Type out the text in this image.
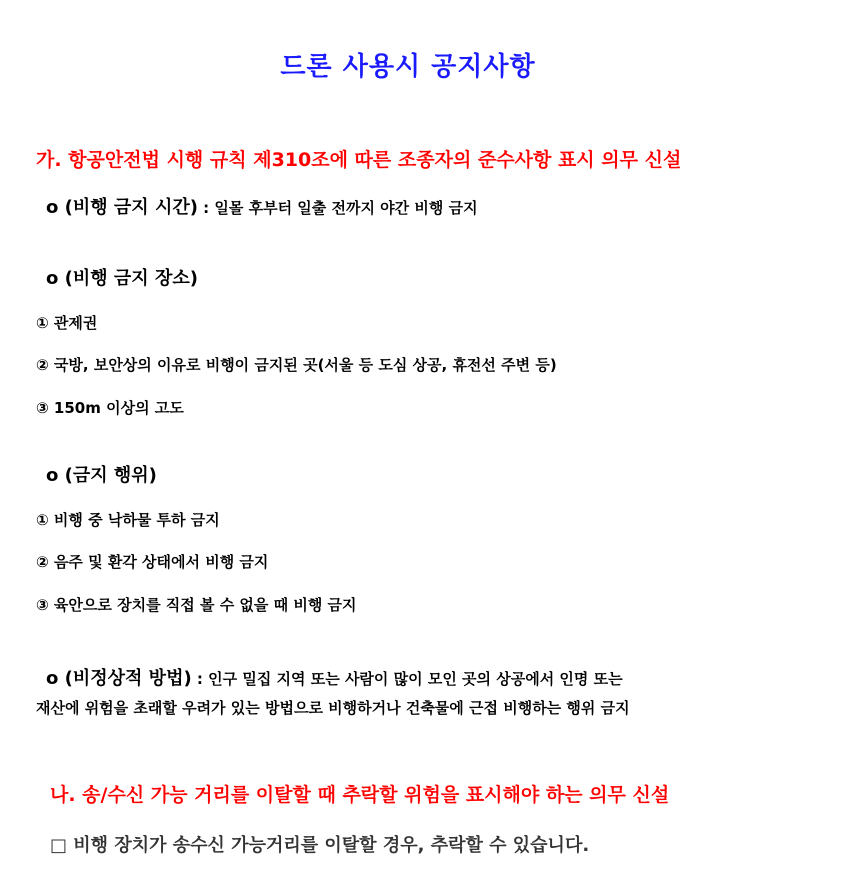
드론 사용시 공지사항
가. 항공안전법 시행 규칙 제310조에 따른 조종자의 준수사항 표시 의무 신설
ο (비행 금지 시간) : 일몰 후부터 일출 전까지 야간 비행 금지
ο (비행 금지 장소)
① 관제권
② 국방, 보안상의 이유로 비행이 금지된 곳(서울 등 도심 상공, 휴전선 주변 등)
③ 150m 이상의 고도
ο (금지 행위)
① 비행 중 낙하물 투하 금지
② 음주 및 환각 상태에서 비행 금지
③ 육안으로 장치를 직접 볼 수 없을 때 비행 금지
ο (비정상적 방법) : 인구 밀집 지역 또는 사람이 많이 모인 곳의 상공에서 인명 또는
재산에 위험을 초래할 우려가 있는 방법으로 비행하거나 건축물에 근접 비행하는 행위 금지
나. 송/수신 가능 거리를 이탈할 때 추락할 위험을 표시해야 하는 의무 신설
□ 비행 장치가 송수신 가능거리를 이탈할 경우, 추락할 수 있습니다.
